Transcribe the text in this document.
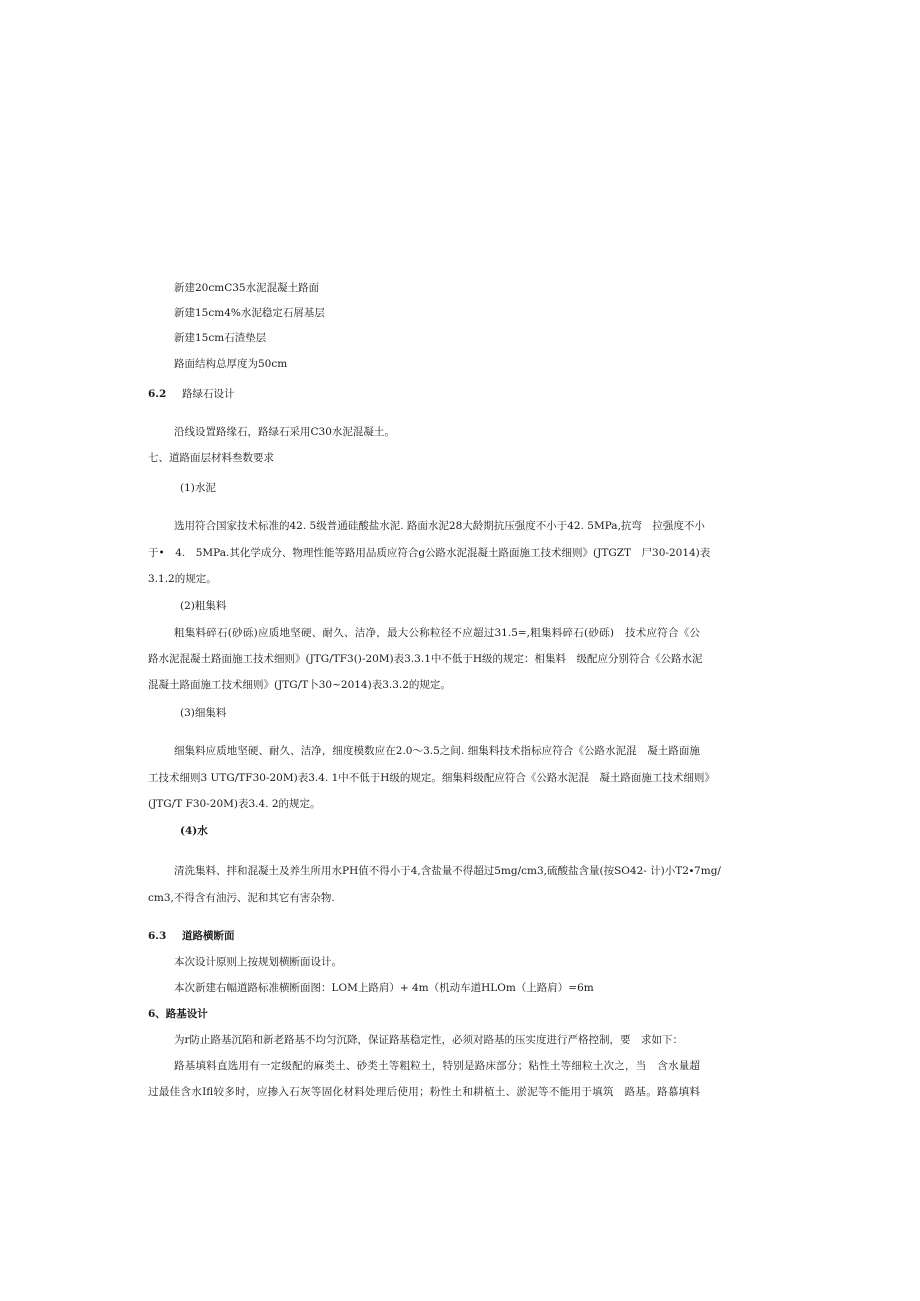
新建20cmC35水泥混凝土路面
新建15cm4%水泥稳定石屑基层
新建15cm石渣垫层
路面结构总厚度为50cm
6.2 路绿石设计
沿线设置路缘石，路绿石采用C30水泥混凝土。
七、道路面层材料叁数要求
(1)水泥
选用符合国家技术标准的42. 5级普通硅酸盐水泥. 路面水泥28大龄期抗压强度不小于42. 5MPa,抗弯　拉强度不小
于•　4.　5MPa.其化学成分、物理性能等路用品质应符合g公路水泥混凝土路面施工技术细则》(JTGZT　尸30-2014)表
3.1.2的规定。
(2)粗集料
粗集料碎石(砂砾)应质地坚硬、耐久、洁净，最大公称粒径不应超过31.5=,粗集料碎石(砂砾)　技术应符合《公
路水泥混凝土路面施工技术细则》(JTG/TF3()-20M)表3.3.1中不低于H级的规定：相集料　级配应分别符合《公路水泥
混凝土路面施工技术细则》(JTG/T卜30~2014)表3.3.2的规定。
(3)细集料
细集料应质地坚硬、耐久、洁净，细度模数应在2.0～3.5之间. 细集料技术指标应符合《公路水泥混　凝土路面施
工技术细则3 UTG/TF30-20M)表3.4. 1中不低于H级的规定。细集料级配应符合《公路水泥混　凝土路面施工技术细则》
(JTG/T F30-20M)表3.4. 2的规定。
(4)水
清洗集料、拌和混凝土及养生所用水PH值不得小于4,含盐量不得超过5mg∕cm3,硫酸盐含量(按SO42- 计)小T2∙7mg∕
cm3,不得含有油污、泥和其它有害杂物.
6.3 道路横断面
本次设计原则上按规划横断面设计。
本次新建右幅道路标准横断面图：LOM上路肩）+ 4m（机动车道HLOm（上路肩）=6m
6、路基设计
为r防止路基沉陷和新老路基不均匀沉降，保证路基稳定性，必须对路基的压实度进行严格控制，要　求如下：
路基填料直选用有一定级配的麻类土、砂类土等粗粒土，特别是路床部分；粘性土等细粒土次之，当　含水量超
过最佳含水Ifl较多时，应掺入石灰等固化材料处理后使用；粉性土和耕植土、淤泥等不能用于填筑　路基。路慕填料
